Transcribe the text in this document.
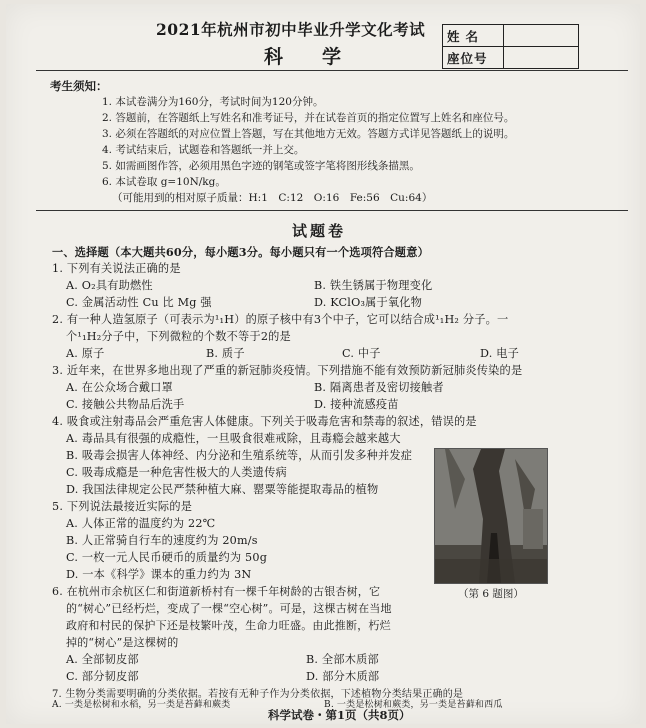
2021年杭州市初中毕业升学文化考试
科　学
姓名	
座位号	
考生须知：
1. 本试卷满分为160分，考试时间为120分钟。
2. 答题前，在答题纸上写姓名和准考证号，并在试卷首页的指定位置写上姓名和座位号。
3. 必须在答题纸的对应位置上答题，写在其他地方无效。答题方式详见答题纸上的说明。
4. 考试结束后，试题卷和答题纸一并上交。
5. 如需画图作答，必须用黑色字迹的钢笔或签字笔将图形线条描黑。
6. 本试卷取 g=10N/kg。
（可能用到的相对原子质量：H:1　C:12　O:16　Fe:56　Cu:64）
试题卷
一、选择题（本大题共60分，每小题3分。每小题只有一个选项符合题意）
1. 下列有关说法正确的是
A. O₂具有助燃性	B. 铁生锈属于物理变化
C. 金属活动性 Cu 比 Mg 强	D. KClO₃属于氧化物
2. 有一种人造氢原子（可表示为¹₁H）的原子核中有3个中子，它可以结合成¹₁H₂ 分子。一
个¹₁H₂分子中，下列微粒的个数不等于2的是
A. 原子	B. 质子	C. 中子	D. 电子
3. 近年来，在世界多地出现了严重的新冠肺炎疫情。下列措施不能有效预防新冠肺炎传染的是
A. 在公众场合戴口罩	B. 隔离患者及密切接触者
C. 接触公共物品后洗手	D. 接种流感疫苗
4. 吸食或注射毒品会严重危害人体健康。下列关于吸毒危害和禁毒的叙述，错误的是
A. 毒品具有很强的成瘾性，一旦吸食很难戒除，且毒瘾会越来越大
B. 吸毒会损害人体神经、内分泌和生殖系统等，从而引发多种并发症
C. 吸毒成瘾是一种危害性极大的人类遗传病
D. 我国法律规定公民严禁种植大麻、罂粟等能提取毒品的植物
5. 下列说法最接近实际的是
A. 人体正常的温度约为 22℃
B. 人正常骑自行车的速度约为 20m/s
C. 一枚一元人民币硬币的质量约为 50g
D. 一本《科学》课本的重力约为 3N
（第 6 题图）
6. 在杭州市余杭区仁和街道新桥村有一棵千年树龄的古银杏树，它
的“树心”已经朽烂，变成了一棵“空心树”。可是，这棵古树在当地
政府和村民的保护下还是枝繁叶茂，生命力旺盛。由此推断，朽烂
掉的“树心”是这棵树的
A. 全部韧皮部	B. 全部木质部
C. 部分韧皮部	D. 部分木质部
科学试卷・第1页（共8页）
7. 生物分类需要明确的分类依据。若按有无种子作为分类依据，下述植物分类结果正确的是
A. 一类是松树和水稻，另一类是苔藓和蕨类	B. 一类是松树和蕨类，另一类是苔藓和西瓜
